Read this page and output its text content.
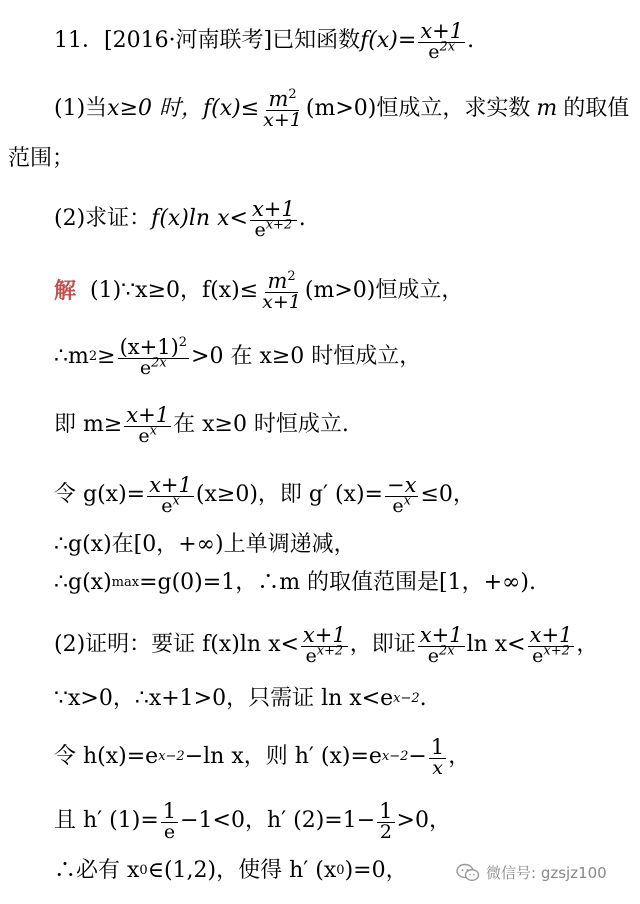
11．[2016·河南联考]已知函数 $f(x)= \frac{x+1}{e^{2x}}$ .
(1)当 x≥0 时， $f(x)\le \frac{m^2}{x+1} (m>0)$恒成立，求实数 m 的取值
范围；
(2)求证： f(x)ln $x< \frac{x+1}{e^{x+2}}$ .
解 (1)∵x≥0，$f(x)\le \frac{m^2}{x+1} (m>0)$恒成立，
∴m $2 \ge \frac{(x+1)^2}{e^{2x}} >0$ 在 x≥0 时恒成立，
即 $m\ge \frac{x+1}{e^x}$ 在 x≥0 时恒成立.
令 $g(x)= \frac{x+1}{e^x} (x\ge 0)$，即 g′ $(x)= \frac{-x}{e^x} \le 0$，
∴g(x)在[0，+∞)上单调递减，
∴g(x) max =g(0)=1，∴m 的取值范围是[1，+∞).
(2)证明：要证 f(x)ln $x< \frac{x+1}{e^{x+2}}$ ，即证 $\frac{x+1}{e^{2x}}$ $\ln x< \frac{x+1}{e^{x+2}}$ ，
∵x>0，∴x+1>0，只需证 ln x<e x−2 .
令 h(x)=e x−2 −ln x，则 h′ (x)=e $x-2 - \frac{1}{x}$ ，
且 h′ $(1)= \frac{1}{e} -1<0$，h′ $(2)=1- \frac{1}{2} >0$，
∴必有 x 0 ∈(1,2)，使得 h′ (x 0 )=0，	微信号: gzsjz100
